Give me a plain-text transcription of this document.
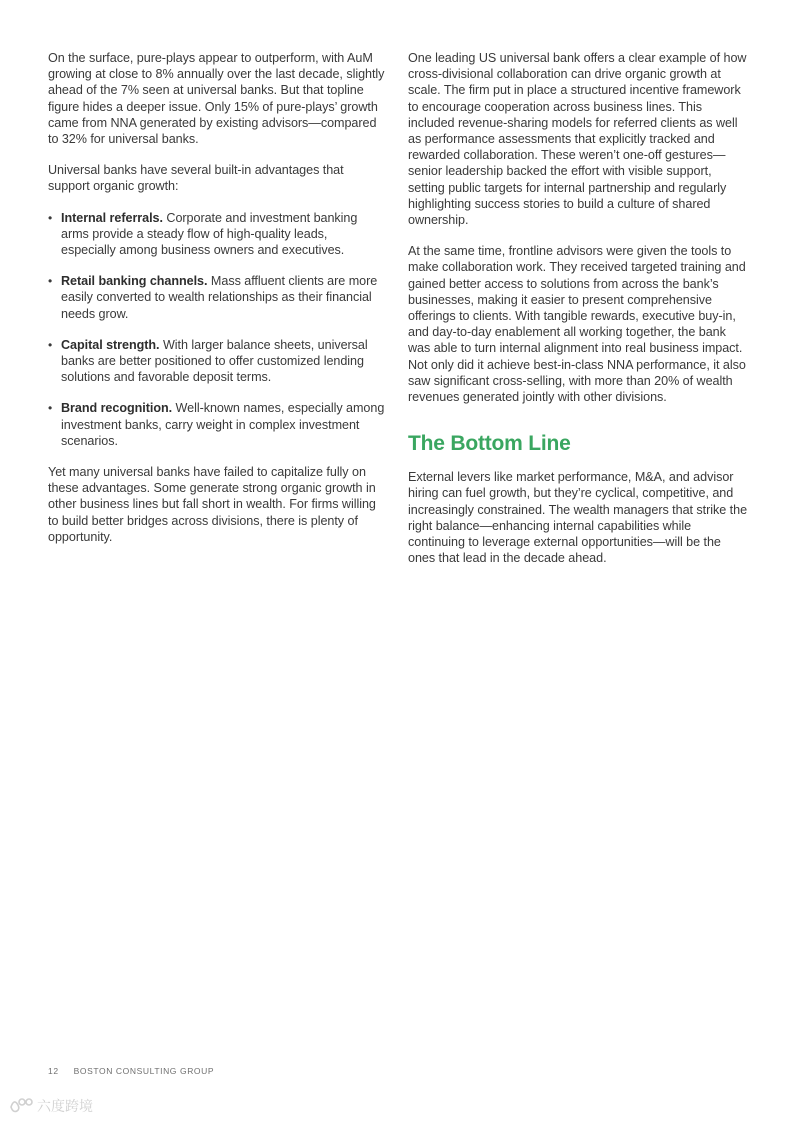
On the surface, pure-plays appear to outperform, with AuM growing at close to 8% annually over the last decade, slightly ahead of the 7% seen at universal banks. But that topline figure hides a deeper issue. Only 15% of pure-plays’ growth came from NNA generated by existing advisors—compared to 32% for universal banks.

Universal banks have several built-in advantages that support organic growth:

• Internal referrals. Corporate and investment banking arms provide a steady flow of high-quality leads, especially among business owners and executives.
• Retail banking channels. Mass affluent clients are more easily converted to wealth relationships as their financial needs grow.
• Capital strength. With larger balance sheets, universal banks are better positioned to offer customized lending solutions and favorable deposit terms.
• Brand recognition. Well-known names, especially among investment banks, carry weight in complex investment scenarios.

Yet many universal banks have failed to capitalize fully on these advantages. Some generate strong organic growth in other business lines but fall short in wealth. For firms willing to build better bridges across divisions, there is plenty of opportunity.

One leading US universal bank offers a clear example of how cross-divisional collaboration can drive organic growth at scale. The firm put in place a structured incentive framework to encourage cooperation across business lines. This included revenue-sharing models for referred clients as well as performance assessments that explicitly tracked and rewarded collaboration. These weren’t one-off gestures—senior leadership backed the effort with visible support, setting public targets for internal partnership and regularly highlighting success stories to build a culture of shared ownership.

At the same time, frontline advisors were given the tools to make collaboration work. They received targeted training and gained better access to solutions from across the bank’s businesses, making it easier to present comprehensive offerings to clients. With tangible rewards, executive buy-in, and day-to-day enablement all working together, the bank was able to turn internal alignment into real business impact. Not only did it achieve best-in-class NNA performance, it also saw significant cross-selling, with more than 20% of wealth revenues generated jointly with other divisions.

The Bottom Line

External levers like market performance, M&A, and advisor hiring can fuel growth, but they’re cyclical, competitive, and increasingly constrained. The wealth managers that strike the right balance—enhancing internal capabilities while continuing to leverage external opportunities—will be the ones that lead in the decade ahead.

12 BOSTON CONSULTING GROUP
六度跨境
